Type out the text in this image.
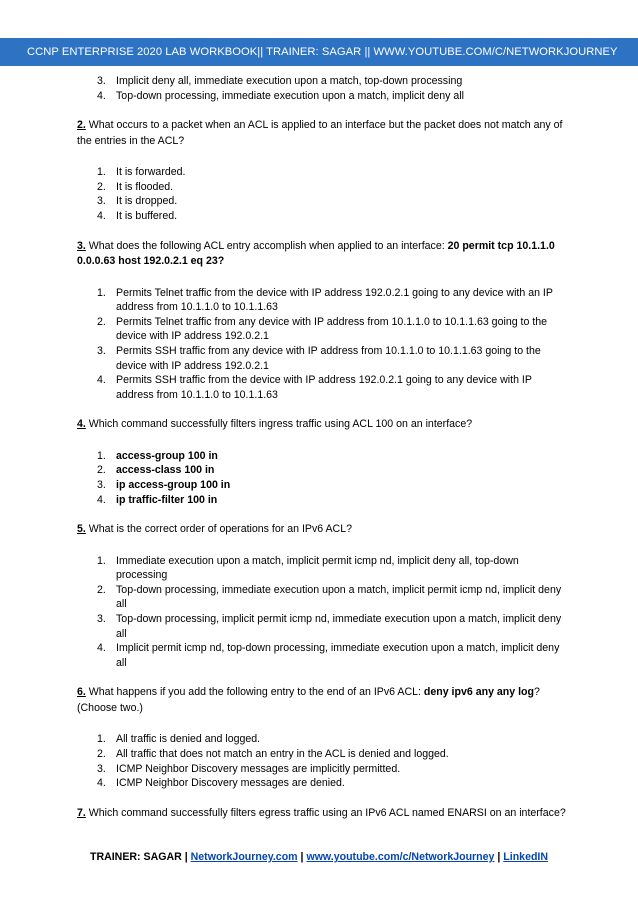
CCNP ENTERPRISE 2020 LAB WORKBOOK|| TRAINER: SAGAR || WWW.YOUTUBE.COM/C/NETWORKJOURNEY
3. Implicit deny all, immediate execution upon a match, top-down processing
4. Top-down processing, immediate execution upon a match, implicit deny all
2. What occurs to a packet when an ACL is applied to an interface but the packet does not match any of the entries in the ACL?
1. It is forwarded.
2. It is flooded.
3. It is dropped.
4. It is buffered.
3. What does the following ACL entry accomplish when applied to an interface: 20 permit tcp 10.1.1.0 0.0.0.63 host 192.0.2.1 eq 23?
1. Permits Telnet traffic from the device with IP address 192.0.2.1 going to any device with an IP address from 10.1.1.0 to 10.1.1.63
2. Permits Telnet traffic from any device with IP address from 10.1.1.0 to 10.1.1.63 going to the device with IP address 192.0.2.1
3. Permits SSH traffic from any device with IP address from 10.1.1.0 to 10.1.1.63 going to the device with IP address 192.0.2.1
4. Permits SSH traffic from the device with IP address 192.0.2.1 going to any device with IP address from 10.1.1.0 to 10.1.1.63
4. Which command successfully filters ingress traffic using ACL 100 on an interface?
1. access-group 100 in
2. access-class 100 in
3. ip access-group 100 in
4. ip traffic-filter 100 in
5. What is the correct order of operations for an IPv6 ACL?
1. Immediate execution upon a match, implicit permit icmp nd, implicit deny all, top-down processing
2. Top-down processing, immediate execution upon a match, implicit permit icmp nd, implicit deny all
3. Top-down processing, implicit permit icmp nd, immediate execution upon a match, implicit deny all
4. Implicit permit icmp nd, top-down processing, immediate execution upon a match, implicit deny all
6. What happens if you add the following entry to the end of an IPv6 ACL: deny ipv6 any any log? (Choose two.)
1. All traffic is denied and logged.
2. All traffic that does not match an entry in the ACL is denied and logged.
3. ICMP Neighbor Discovery messages are implicitly permitted.
4. ICMP Neighbor Discovery messages are denied.
7. Which command successfully filters egress traffic using an IPv6 ACL named ENARSI on an interface?
TRAINER: SAGAR | NetworkJourney.com | www.youtube.com/c/NetworkJourney | LinkedIN
